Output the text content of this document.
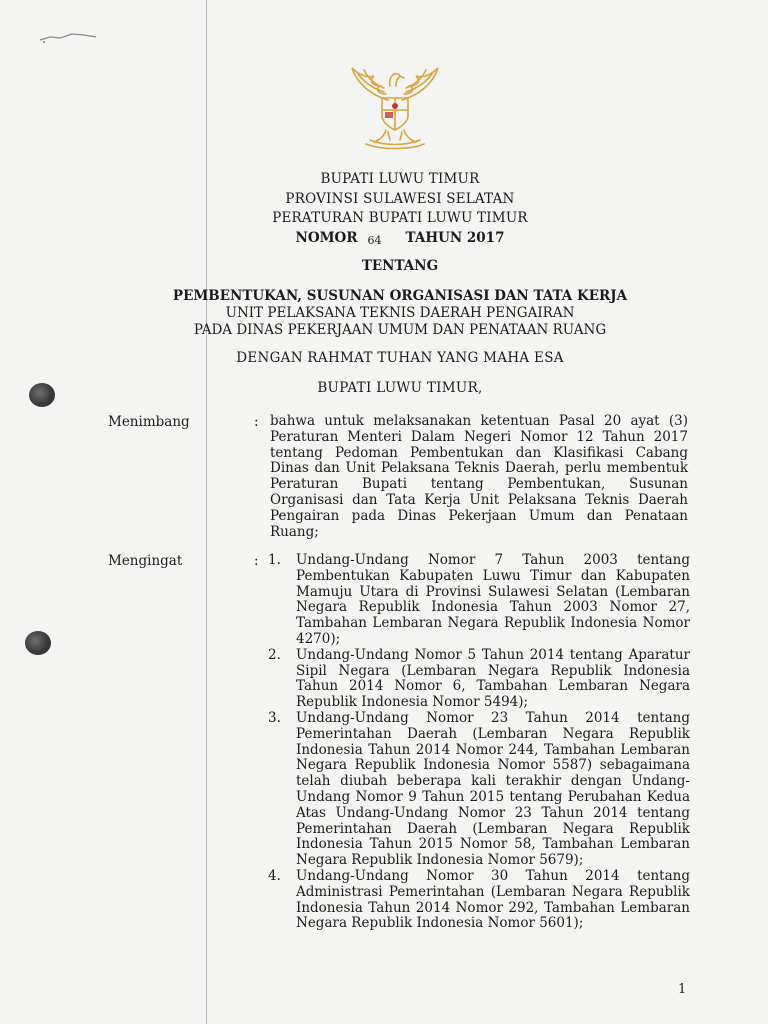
BUPATI LUWU TIMUR
PROVINSI SULAWESI SELATAN
PERATURAN BUPATI LUWU TIMUR
NOMOR 64 TAHUN 2017
TENTANG
PEMBENTUKAN, SUSUNAN ORGANISASI DAN TATA KERJA
UNIT PELAKSANA TEKNIS DAERAH PENGAIRAN
PADA DINAS PEKERJAAN UMUM DAN PENATAAN RUANG
DENGAN RAHMAT TUHAN YANG MAHA ESA
BUPATI LUWU TIMUR,
Menimbang	: bahwa untuk melaksanakan ketentuan Pasal 20 ayat (3) Peraturan Menteri Dalam Negeri Nomor 12 Tahun 2017 tentang Pedoman Pembentukan dan Klasifikasi Cabang Dinas dan Unit Pelaksana Teknis Daerah, perlu membentuk Peraturan Bupati tentang Pembentukan, Susunan Organisasi dan Tata Kerja Unit Pelaksana Teknis Daerah Pengairan pada Dinas Pekerjaan Umum dan Penataan Ruang;
Mengingat	: 1.	Undang-Undang Nomor 7 Tahun 2003 tentang Pembentukan Kabupaten Luwu Timur dan Kabupaten Mamuju Utara di Provinsi Sulawesi Selatan (Lembaran Negara Republik Indonesia Tahun 2003 Nomor 27, Tambahan Lembaran Negara Republik Indonesia Nomor 4270);
2.	Undang-Undang Nomor 5 Tahun 2014 tentang Aparatur Sipil Negara (Lembaran Negara Republik Indonesia Tahun 2014 Nomor 6, Tambahan Lembaran Negara Republik Indonesia Nomor 5494);
3.	Undang-Undang Nomor 23 Tahun 2014 tentang Pemerintahan Daerah (Lembaran Negara Republik Indonesia Tahun 2014 Nomor 244, Tambahan Lembaran Negara Republik Indonesia Nomor 5587) sebagaimana telah diubah beberapa kali terakhir dengan Undang-Undang Nomor 9 Tahun 2015 tentang Perubahan Kedua Atas Undang-Undang Nomor 23 Tahun 2014 tentang Pemerintahan Daerah (Lembaran Negara Republik Indonesia Tahun 2015 Nomor 58, Tambahan Lembaran Negara Republik Indonesia Nomor 5679);
4.	Undang-Undang Nomor 30 Tahun 2014 tentang Administrasi Pemerintahan (Lembaran Negara Republik Indonesia Tahun 2014 Nomor 292, Tambahan Lembaran Negara Republik Indonesia Nomor 5601);
1
